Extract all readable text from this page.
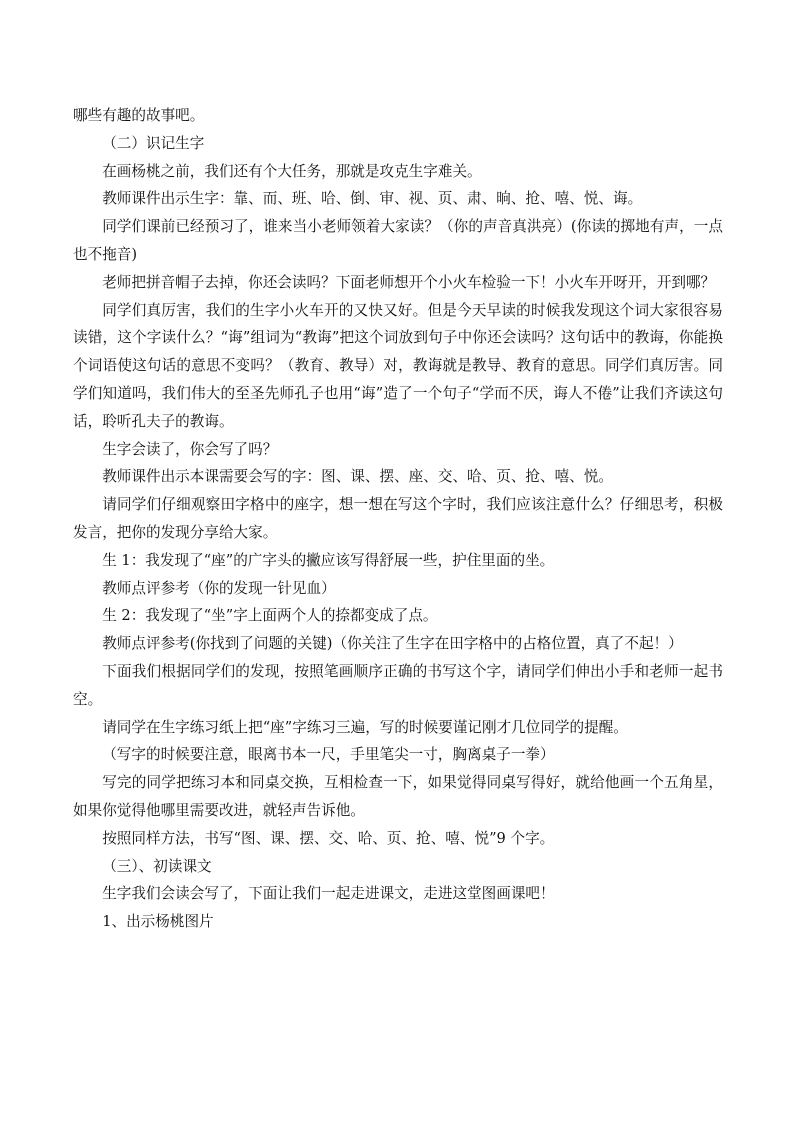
哪些有趣的故事吧。

（二）识记生字

在画杨桃之前，我们还有个大任务，那就是攻克生字难关。

教师课件出示生字：靠、而、班、哈、倒、审、视、页、肃、晌、抢、嘻、悦、诲。

同学们课前已经预习了，谁来当小老师领着大家读？（你的声音真洪亮）(你读的掷地有声，一点也不拖音)

老师把拼音帽子去掉，你还会读吗？下面老师想开个小火车检验一下！小火车开呀开，开到哪？

同学们真厉害，我们的生字小火车开的又快又好。但是今天早读的时候我发现这个词大家很容易读错，这个字读什么？“诲”组词为“教诲”把这个词放到句子中你还会读吗？这句话中的教诲，你能换个词语使这句话的意思不变吗？（教育、教导）对，教诲就是教导、教育的意思。同学们真厉害。同学们知道吗，我们伟大的至圣先师孔子也用“诲”造了一个句子“学而不厌，诲人不倦”让我们齐读这句话，聆听孔夫子的教诲。

生字会读了，你会写了吗？

教师课件出示本课需要会写的字：图、课、摆、座、交、哈、页、抢、嘻、悦。

请同学们仔细观察田字格中的座字，想一想在写这个字时，我们应该注意什么？仔细思考，积极发言，把你的发现分享给大家。

生 1：我发现了“座”的广字头的撇应该写得舒展一些，护住里面的坐。

教师点评参考（你的发现一针见血）

生 2：我发现了“坐”字上面两个人的捺都变成了点。

教师点评参考(你找到了问题的关键)（你关注了生字在田字格中的占格位置，真了不起！）

下面我们根据同学们的发现，按照笔画顺序正确的书写这个字，请同学们伸出小手和老师一起书空。

请同学在生字练习纸上把“座”字练习三遍，写的时候要谨记刚才几位同学的提醒。

（写字的时候要注意，眼离书本一尺，手里笔尖一寸，胸离桌子一拳）

写完的同学把练习本和同桌交换，互相检查一下，如果觉得同桌写得好，就给他画一个五角星，如果你觉得他哪里需要改进，就轻声告诉他。

按照同样方法，书写“图、课、摆、交、哈、页、抢、嘻、悦”9 个字。

（三）、初读课文

生字我们会读会写了，下面让我们一起走进课文，走进这堂图画课吧！

1、出示杨桃图片
